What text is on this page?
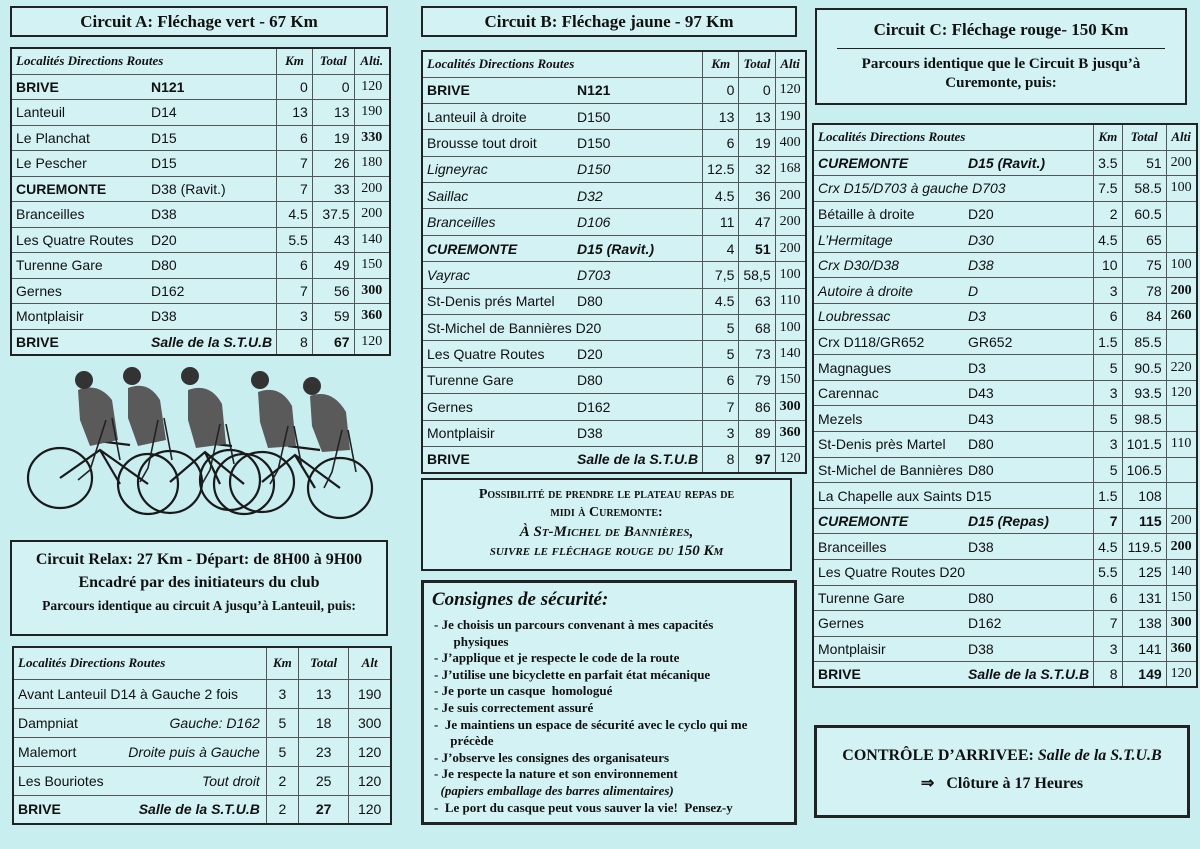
Circuit A: Fléchage vert - 67 Km
Localités Directions Routes	Km	Total	Alti.
BRIVE N121	0	0	120
Lanteuil D14	13	13	190
Le Planchat D15	6	19	330
Le Pescher D15	7	26	180
CUREMONTE D38 (Ravit.)	7	33	200
Branceilles D38	4.5	37.5	200
Les Quatre Routes D20	5.5	43	140
Turenne Gare D80	6	49	150
Gernes D162	7	56	300
Montplaisir D38	3	59	360
BRIVE Salle de la S.T.U.B	8	67	120
Circuit Relax: 27 Km - Départ: de 8H00 à 9H00
Encadré par des initiateurs du club
Parcours identique au circuit A jusqu’à Lanteuil, puis:
Localités Directions Routes	Km	Total	Alt
Avant Lanteuil D14 à Gauche 2 fois	3	13	190
Dampniat Gauche: D162	5	18	300
Malemort Droite puis à Gauche	5	23	120
Les Bouriotes Tout droit	2	25	120
BRIVE Salle de la S.T.U.B	2	27	120
Circuit B: Fléchage jaune - 97 Km
Localités Directions Routes	Km	Total	Alti
BRIVE N121	0	0	120
Lanteuil à droite D150	13	13	190
Brousse tout droit D150	6	19	400
Ligneyrac D150	12.5	32	168
Saillac D32	4.5	36	200
Branceilles D106	11	47	200
CUREMONTE D15 (Ravit.)	4	51	200
Vayrac D703	7,5	58,5	100
St-Denis prés Martel D80	4.5	63	110
St-Michel de Bannières D20	5	68	100
Les Quatre Routes D20	5	73	140
Turenne Gare D80	6	79	150
Gernes D162	7	86	300
Montplaisir D38	3	89	360
BRIVE Salle de la S.T.U.B	8	97	120
Possibilité de prendre le plateau repas de
midi à Curemonte:
À St-Michel de Bannières,
suivre le fléchage rouge du 150 Km
Consignes de sécurité:
- Je choisis un parcours convenant à mes capacités
physiques
- J’applique et je respecte le code de la route
- J’utilise une bicyclette en parfait état mécanique
- Je porte un casque  homologué
- Je suis correctement assuré
-  Je maintiens un espace de sécurité avec le cyclo qui me
précède
- J’observe les consignes des organisateurs
- Je respecte la nature et son environnement
(papiers emballage des barres alimentaires)
-  Le port du casque peut vous sauver la vie!  Pensez-y
Circuit C: Fléchage rouge- 150 Km
Parcours identique que le Circuit B jusqu’à
Curemonte, puis:
Localités Directions Routes	Km	Total	Alti
CUREMONTE D15 (Ravit.)	3.5	51	200
Crx D15/D703 à gauche D703	7.5	58.5	100
Bétaille à droite D20	2	60.5	
L’Hermitage D30	4.5	65	
Crx D30/D38 D38	10	75	100
Autoire à droite D	3	78	200
Loubressac D3	6	84	260
Crx D118/GR652 GR652	1.5	85.5	
Magnagues D3	5	90.5	220
Carennac D43	3	93.5	120
Mezels D43	5	98.5	
St-Denis près Martel D80	3	101.5	110
St-Michel de Bannières D80	5	106.5	
La Chapelle aux Saints D15	1.5	108	
CUREMONTE D15 (Repas)	7	115	200
Branceilles D38	4.5	119.5	200
Les Quatre Routes D20	5.5	125	140
Turenne Gare D80	6	131	150
Gernes D162	7	138	300
Montplaisir D38	3	141	360
BRIVE Salle de la S.T.U.B	8	149	120
CONTRÔLE D’ARRIVEE: Salle de la S.T.U.B
⇒ Clôture à 17 Heures
